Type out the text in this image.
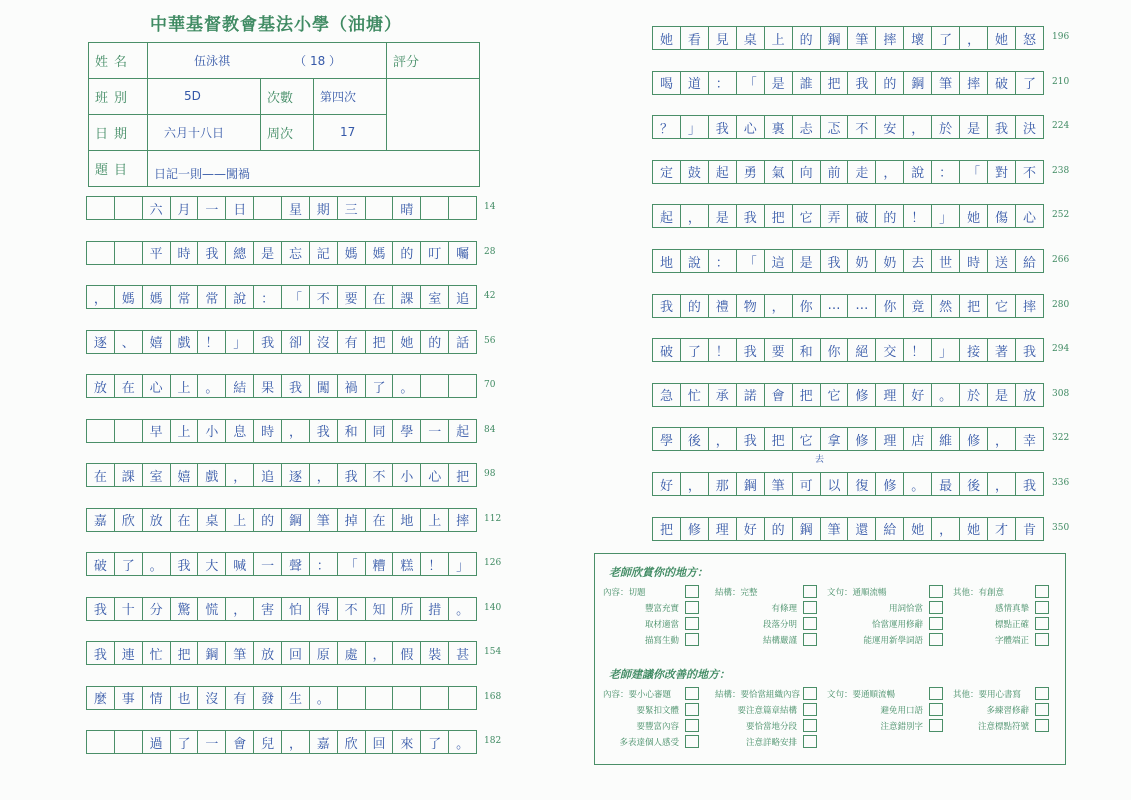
中華基督教會基法小學（油塘）
姓名	伍泳祺 （ 18 ）			評分
班別	5D	次數	第四次	
日期	六月十八日	周次	17	
題目	日記一則——闖禍			
六	月	一	日	星	期	三	晴	14
平	時	我	總	是	忘	記	媽	媽	的	叮	囑	28
，	媽	媽	常	常	說	：	「	不	要	在	課	室	追	42
逐	、	嬉	戲	！	」	我	卻	沒	有	把	她	的	話	56
放	在	心	上	。	結	果	我	闖	禍	了	。	70
早	上	小	息	時	，	我	和	同	學	一	起	84
在	課	室	嬉	戲	，	追	逐	，	我	不	小	心	把	98
嘉	欣	放	在	桌	上	的	鋼	筆	掉	在	地	上	摔	112
破	了	。	我	大	喊	一	聲	：	「	糟	糕	！	」	126
我	十	分	驚	慌	，	害	怕	得	不	知	所	措	。	140
我	連	忙	把	鋼	筆	放	回	原	處	，	假	裝	甚	154
麼	事	情	也	沒	有	發	生	。	168
過	了	一	會	兒	，	嘉	欣	回	來	了	。	182
她	看	見	桌	上	的	鋼	筆	摔	壞	了	，	她	怒	196
喝	道	：	「	是	誰	把	我	的	鋼	筆	摔	破	了	210
？	」	我	心	裏	忐	忑	不	安	，	於	是	我	決	224
定	鼓	起	勇	氣	向	前	走	，	說	：	「	對	不	238
起	，	是	我	把	它	弄	破	的	！	」	她	傷	心	252
地	說	：	「	這	是	我	奶	奶	去	世	時	送	給	266
我	的	禮	物	，	你	…	…	你	竟	然	把	它	摔	280
破	了	！	我	要	和	你	絕	交	！	」	接	著	我	294
急	忙	承	諾	會	把	它	修	理	好	。	於	是	放	308
學	後	，	我	把	它	拿	修	理	店	維	修	，	幸	322
好	，	那	鋼	筆	可	以	復	修	。	最	後	，	我	336
把	修	理	好	的	鋼	筆	還	給	她	，	她	才	肯	350
去
老師欣賞你的地方：
內容：切題	結構：完整	文句：通順流暢	其他：有創意
豐富充實	有條理	用詞恰當	感情真摯
取材適當	段落分明	恰當運用修辭	標點正確
描寫生動	結構嚴謹	能運用新學詞語	字體端正
老師建議你改善的地方：
內容：要小心審題	結構：要恰當組織內容	文句：要通順流暢	其他：要用心書寫
要緊扣文體	要注意篇章結構	避免用口語	多練習修辭
要豐富內容	要恰當地分段	注意錯別字	注意標點符號
多表達個人感受	注意詳略安排
